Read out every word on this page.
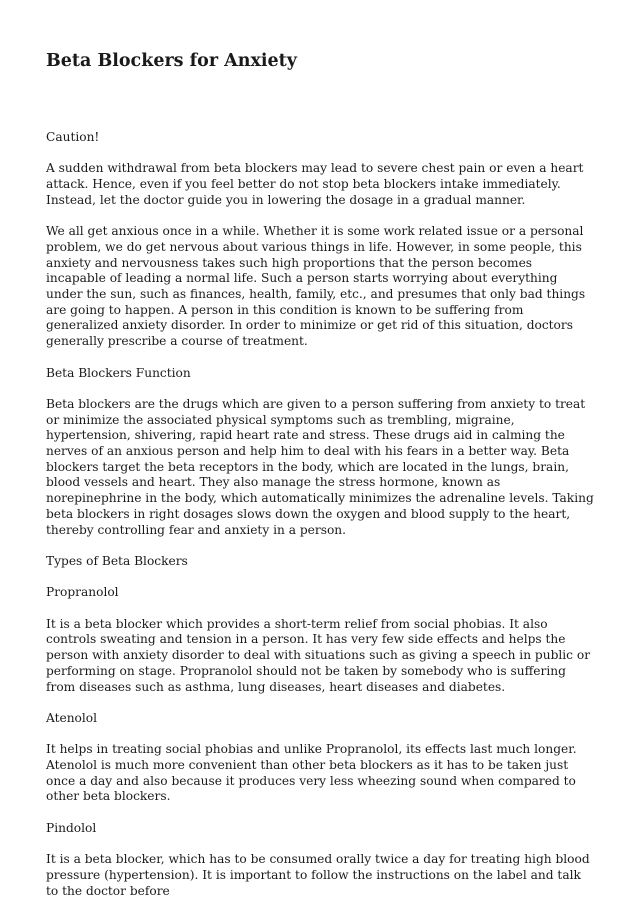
Beta Blockers for Anxiety

Caution!

A sudden withdrawal from beta blockers may lead to severe chest pain or even a heart attack. Hence, even if you feel better do not stop beta blockers intake immediately. Instead, let the doctor guide you in lowering the dosage in a gradual manner.

We all get anxious once in a while. Whether it is some work related issue or a personal problem, we do get nervous about various things in life. However, in some people, this anxiety and nervousness takes such high proportions that the person becomes incapable of leading a normal life. Such a person starts worrying about everything under the sun, such as finances, health, family, etc., and presumes that only bad things are going to happen. A person in this condition is known to be suffering from generalized anxiety disorder. In order to minimize or get rid of this situation, doctors generally prescribe a course of treatment.

Beta Blockers Function

Beta blockers are the drugs which are given to a person suffering from anxiety to treat or minimize the associated physical symptoms such as trembling, migraine, hypertension, shivering, rapid heart rate and stress. These drugs aid in calming the nerves of an anxious person and help him to deal with his fears in a better way. Beta blockers target the beta receptors in the body, which are located in the lungs, brain, blood vessels and heart. They also manage the stress hormone, known as norepinephrine in the body, which automatically minimizes the adrenaline levels. Taking beta blockers in right dosages slows down the oxygen and blood supply to the heart, thereby controlling fear and anxiety in a person.

Types of Beta Blockers

Propranolol

It is a beta blocker which provides a short-term relief from social phobias. It also controls sweating and tension in a person. It has very few side effects and helps the person with anxiety disorder to deal with situations such as giving a speech in public or performing on stage. Propranolol should not be taken by somebody who is suffering from diseases such as asthma, lung diseases, heart diseases and diabetes.

Atenolol

It helps in treating social phobias and unlike Propranolol, its effects last much longer. Atenolol is much more convenient than other beta blockers as it has to be taken just once a day and also because it produces very less wheezing sound when compared to other beta blockers.

Pindolol

It is a beta blocker, which has to be consumed orally twice a day for treating high blood pressure (hypertension). It is important to follow the instructions on the label and talk to the doctor before
